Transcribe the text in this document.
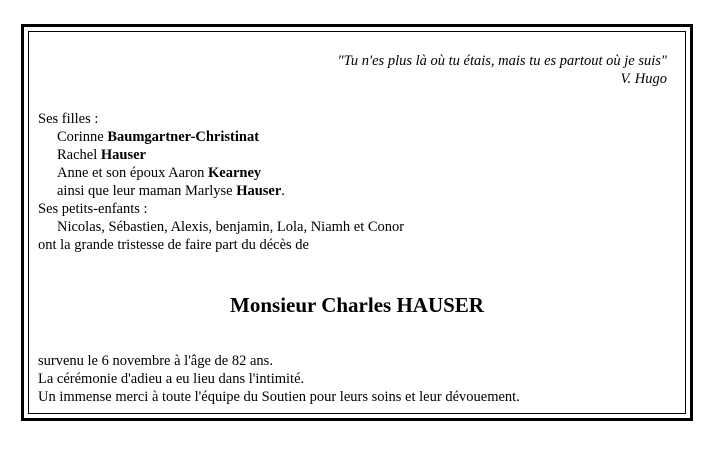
"Tu n'es plus là où tu étais, mais tu es partout où je suis"
V. Hugo
Ses filles :
Corinne Baumgartner-Christinat
Rachel Hauser
Anne et son époux Aaron Kearney
ainsi que leur maman Marlyse Hauser.
Ses petits-enfants :
Nicolas, Sébastien, Alexis, benjamin, Lola, Niamh et Conor
ont la grande tristesse de faire part du décès de
Monsieur Charles HAUSER
survenu le 6 novembre à l'âge de 82 ans.
La cérémonie d'adieu a eu lieu dans l'intimité.
Un immense merci à toute l'équipe du Soutien pour leurs soins et leur dévouement.
